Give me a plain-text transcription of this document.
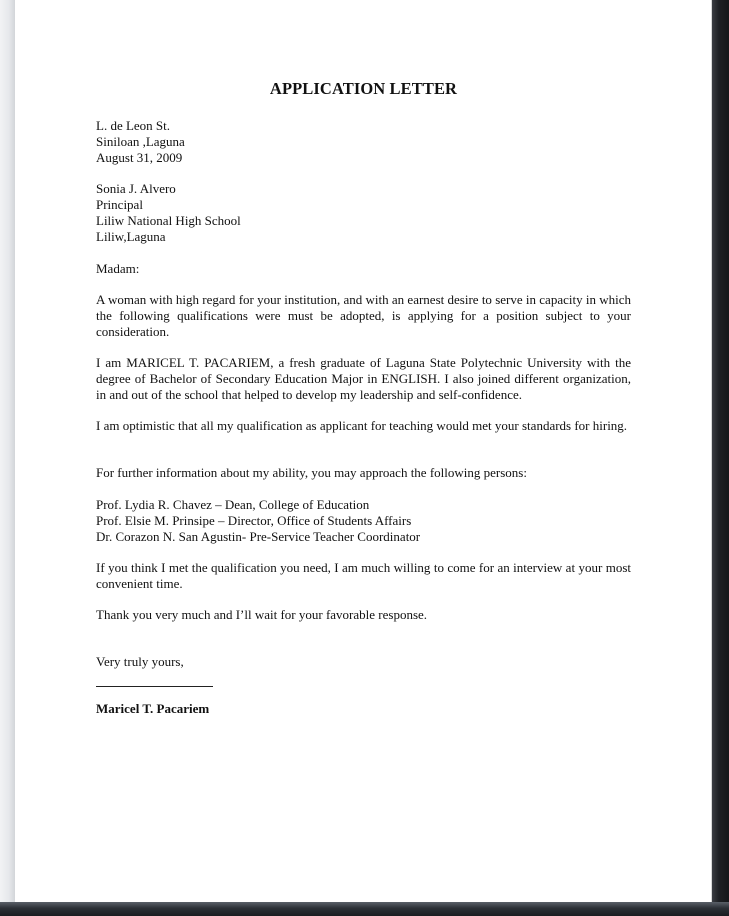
APPLICATION LETTER
L. de Leon St.
Siniloan ,Laguna
August 31, 2009
Sonia J. Alvero
Principal
Liliw National High School
Liliw,Laguna
Madam:
A woman with high regard for your institution, and with an earnest desire to serve in capacity in which the following qualifications were must be adopted, is applying for a position subject to your consideration.
I am MARICEL T. PACARIEM, a fresh graduate of Laguna State Polytechnic University with the degree of Bachelor of Secondary Education Major in ENGLISH. I also joined different organization, in and out of the school that helped to develop my leadership and self-confidence.
I am optimistic that all my qualification as applicant for teaching would met your standards for hiring.
For further information about my ability, you may approach the following persons:
Prof. Lydia R. Chavez – Dean, College of Education
Prof. Elsie M. Prinsipe – Director, Office of Students Affairs
Dr. Corazon N. San Agustin- Pre-Service Teacher Coordinator
If you think I met the qualification you need, I am much willing to come for an interview at your most convenient time.
Thank you very much and I’ll wait for your favorable response.
Very truly yours,
Maricel T. Pacariem
